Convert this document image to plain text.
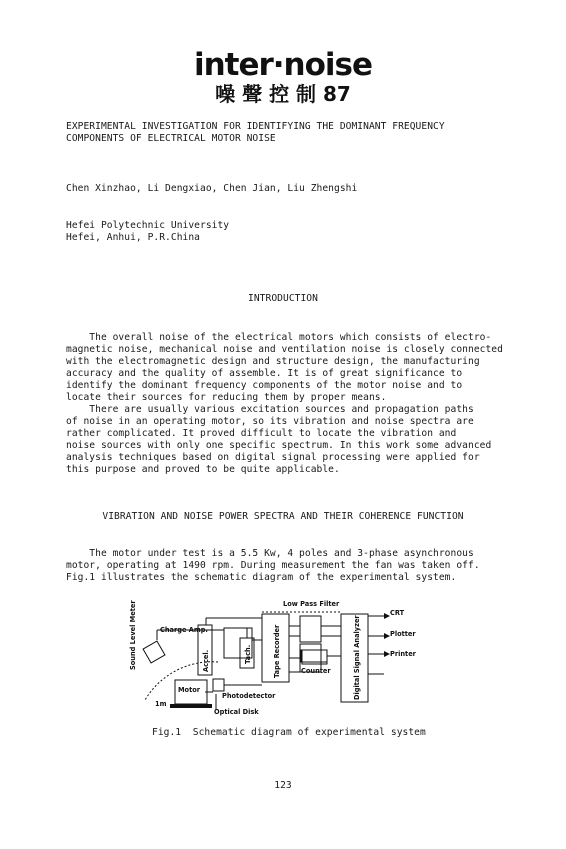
inter·noise
噪 聲 控 制 87
EXPERIMENTAL INVESTIGATION FOR IDENTIFYING THE DOMINANT FREQUENCY
COMPONENTS OF ELECTRICAL MOTOR NOISE
Chen Xinzhao, Li Dengxiao, Chen Jian, Liu Zhengshi
Hefei Polytechnic University
Hefei, Anhui, P.R.China
INTRODUCTION
The overall noise of the electrical motors which consists of electro-
magnetic noise, mechanical noise and ventilation noise is closely connected
with the electromagnetic design and structure design, the manufacturing
accuracy and the quality of assemble. It is of great significance to
identify the dominant frequency components of the motor noise and to
locate their sources for reducing them by proper means.
There are usually various excitation sources and propagation paths
of noise in an operating motor, so its vibration and noise spectra are
rather complicated. It proved difficult to locate the vibration and
noise sources with only one specific spectrum. In this work some advanced
analysis techniques based on digital signal processing were applied for
this purpose and proved to be quite applicable.
VIBRATION AND NOISE POWER SPECTRA AND THEIR COHERENCE FUNCTION
The motor under test is a 5.5 Kw, 4 poles and 3-phase asynchronous
motor, operating at 1490 rpm. During measurement the fan was taken off.
Fig.1 illustrates the schematic diagram of the experimental system.
Low Pass Filter
CRT
Plotter
Printer
Charge Amp.
Counter
Motor
Photodetector
Optical Disk
1m
Sound Level Meter	Accel.	Tach.	Tape Recorder	Digital Signal Analyzer
Fig.1  Schematic diagram of experimental system
123
